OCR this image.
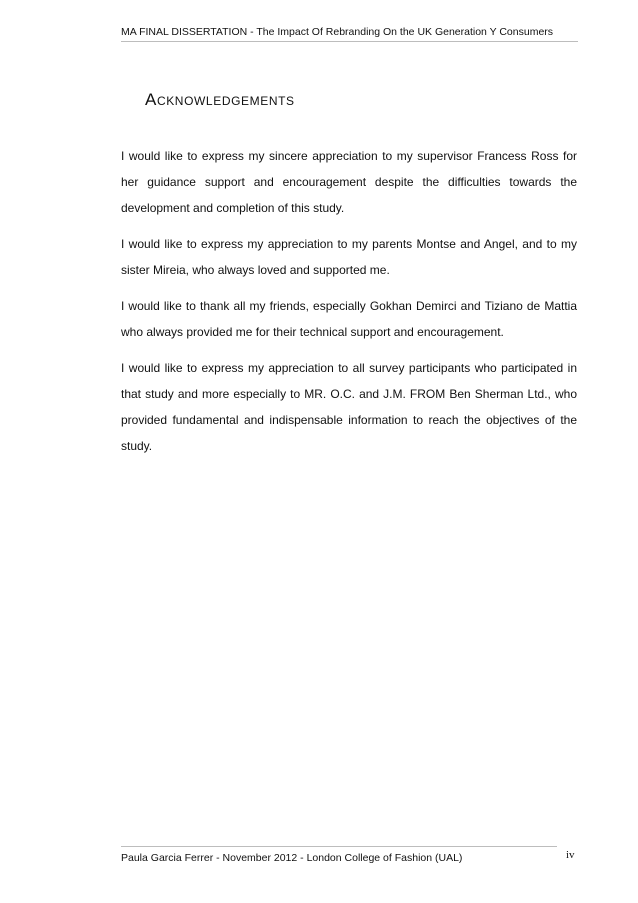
MA FINAL DISSERTATION - The Impact Of Rebranding On the UK Generation Y Consumers
Acknowledgements

I would like to express my sincere appreciation to my supervisor Francess Ross for her guidance support and encouragement despite the difficulties towards the development and completion of this study.

I would like to express my appreciation to my parents Montse and Angel, and to my sister Mireia, who always loved and supported me.

I would like to thank all my friends, especially Gokhan Demirci and Tiziano de Mattia who always provided me for their technical support and encouragement.

I would like to express my appreciation to all survey participants who participated in that study and more especially to MR. O.C. and J.M. FROM Ben Sherman Ltd., who provided fundamental and indispensable information to reach the objectives of the study.

Paula Garcia Ferrer - November 2012 - London College of Fashion (UAL)	iv
